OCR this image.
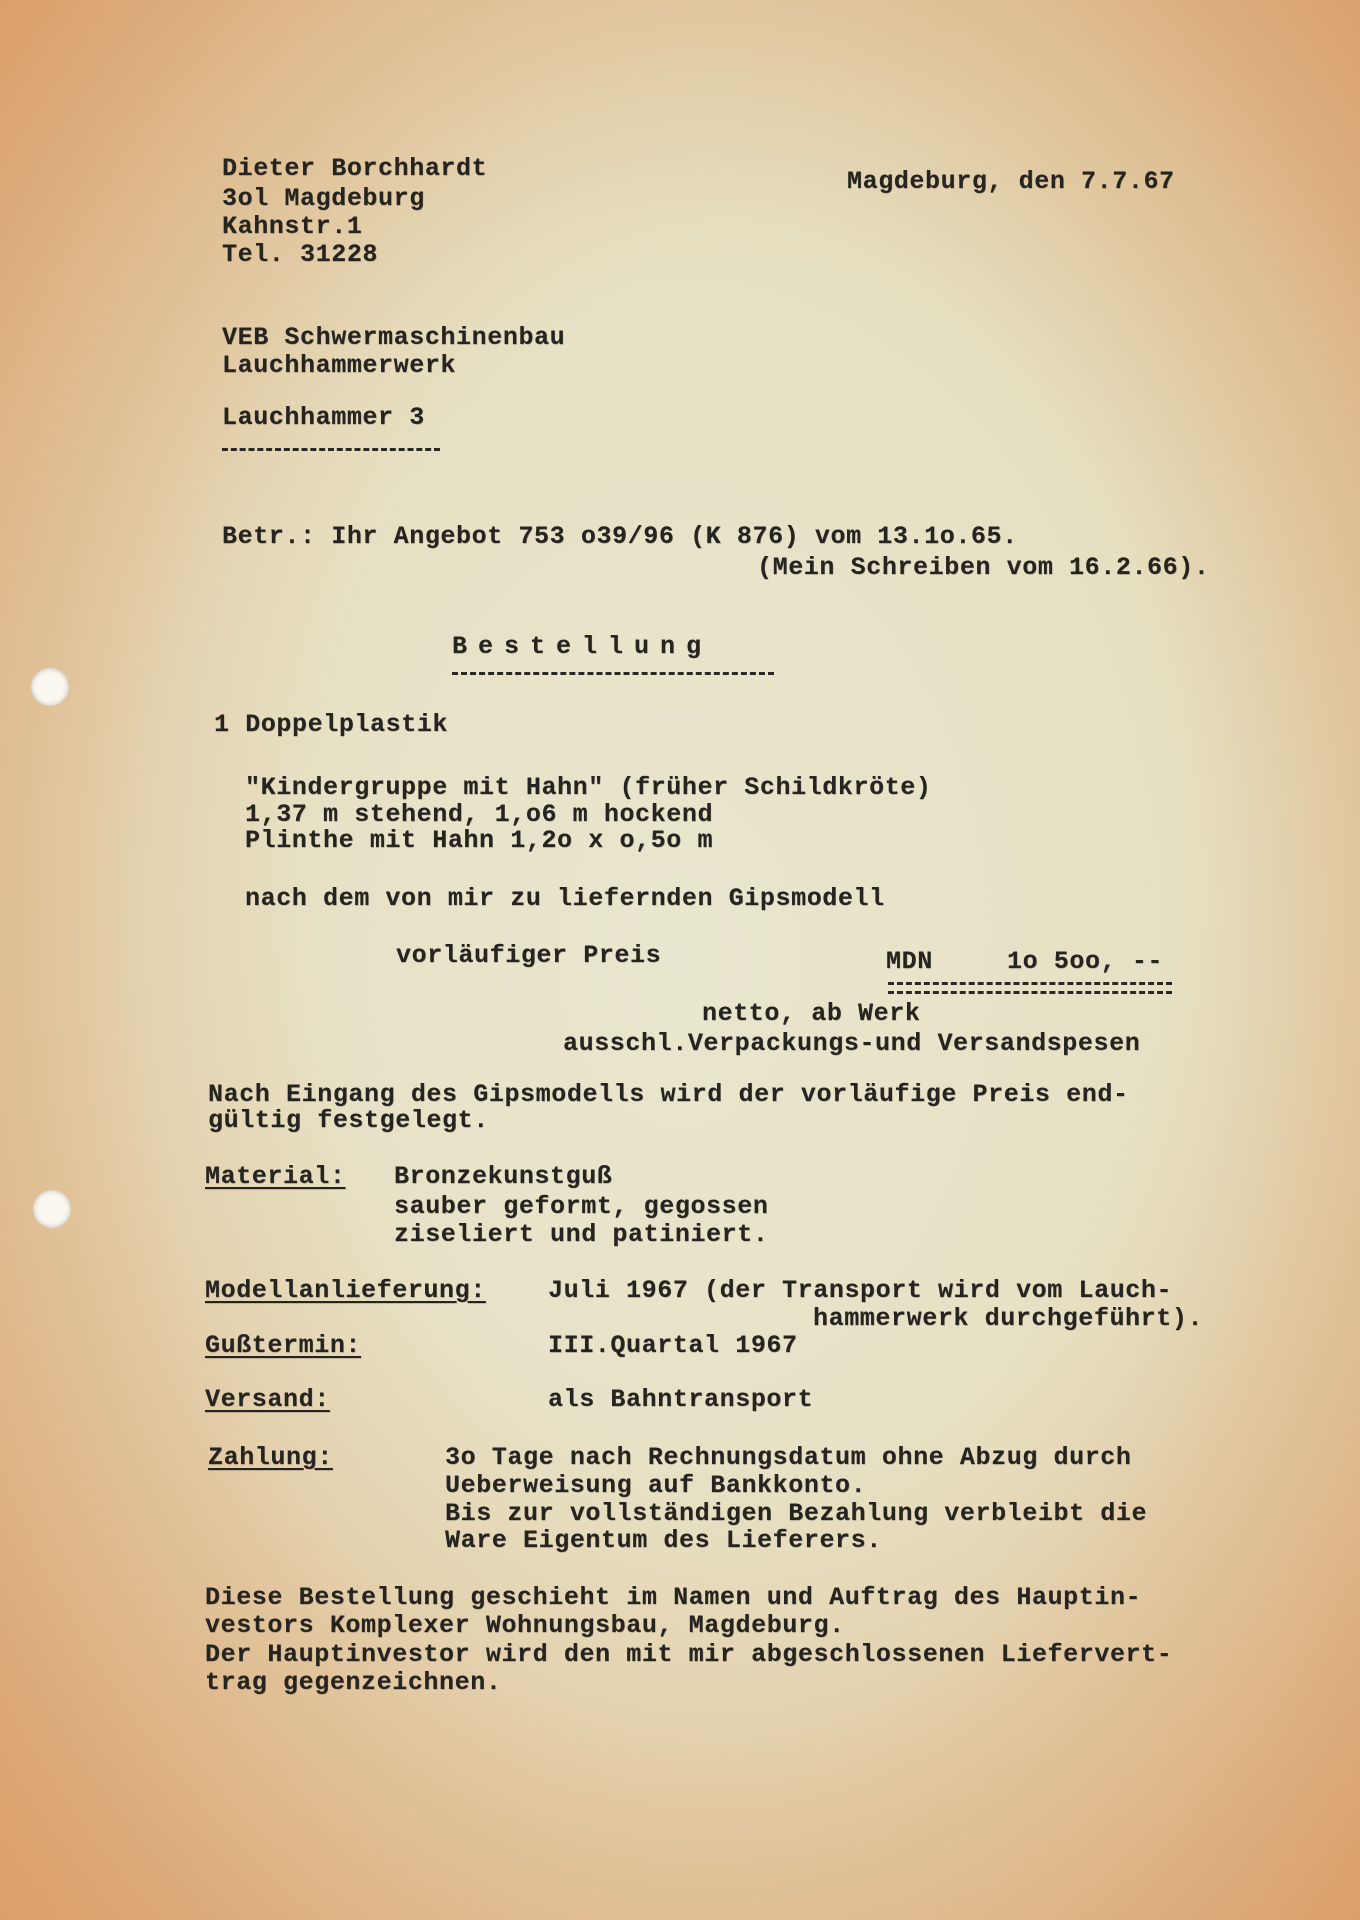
Dieter Borchhardt
3ol Magdeburg
Kahnstr.1
Tel. 31228
Magdeburg, den 7.7.67
VEB Schwermaschinenbau
Lauchhammerwerk
Lauchhammer 3
Betr.: Ihr Angebot 753 o39/96 (K 876) vom 13.1o.65.
(Mein Schreiben vom 16.2.66).
Bestellung
1 Doppelplastik
"Kindergruppe mit Hahn" (früher Schildkröte)
1,37 m stehend, 1,o6 m hockend
Plinthe mit Hahn 1,2o x o,5o m
nach dem von mir zu liefernden Gipsmodell
vorläufiger Preis	MDN	1o 5oo, --
netto, ab Werk
ausschl.Verpackungs-und Versandspesen
Nach Eingang des Gipsmodells wird der vorläufige Preis end-
gültig festgelegt.
Material: Bronzekunstguß
sauber geformt, gegossen
ziseliert und patiniert.
Modellanlieferung: Juli 1967 (der Transport wird vom Lauch-
hammerwerk durchgeführt).
Gußtermin:	III.Quartal 1967
Versand:	als Bahntransport
Zahlung:	3o Tage nach Rechnungsdatum ohne Abzug durch
Ueberweisung auf Bankkonto.
Bis zur vollständigen Bezahlung verbleibt die
Ware Eigentum des Lieferers.
Diese Bestellung geschieht im Namen und Auftrag des Hauptin-
vestors Komplexer Wohnungsbau, Magdeburg.
Der Hauptinvestor wird den mit mir abgeschlossenen Liefervert-
trag gegenzeichnen.
